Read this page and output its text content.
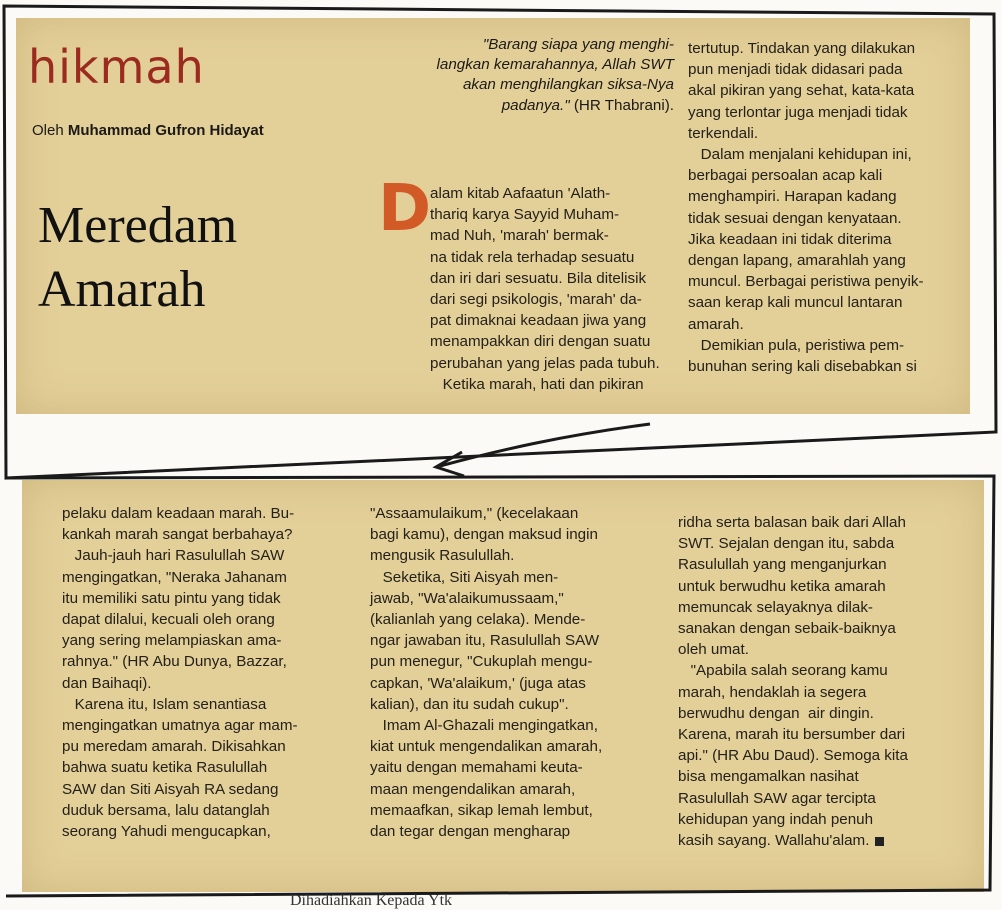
hikmah
Oleh Muhammad Gufron Hidayat
Meredam
Amarah
"Barang siapa yang menghi-
langkan kemarahannya, Allah SWT
akan menghilangkan siksa-Nya
padanya." (HR Thabrani).
D
alam kitab Aafaatun 'Alath-
thariq karya Sayyid Muham-
mad Nuh, 'marah' bermak-
na tidak rela terhadap sesuatu
dan iri dari sesuatu. Bila ditelisik
dari segi psikologis, 'marah' da-
pat dimaknai keadaan jiwa yang
menampakkan diri dengan suatu
perubahan yang jelas pada tubuh.
Ketika marah, hati dan pikiran
tertutup. Tindakan yang dilakukan
pun menjadi tidak didasari pada
akal pikiran yang sehat, kata-kata
yang terlontar juga menjadi tidak
terkendali.
Dalam menjalani kehidupan ini,
berbagai persoalan acap kali
menghampiri. Harapan kadang
tidak sesuai dengan kenyataan.
Jika keadaan ini tidak diterima
dengan lapang, amarahlah yang
muncul. Berbagai peristiwa penyik-
saan kerap kali muncul lantaran
amarah.
Demikian pula, peristiwa pem-
bunuhan sering kali disebabkan si
pelaku dalam keadaan marah. Bu-
kankah marah sangat berbahaya?
Jauh-jauh hari Rasulullah SAW
mengingatkan, "Neraka Jahanam
itu memiliki satu pintu yang tidak
dapat dilalui, kecuali oleh orang
yang sering melampiaskan ama-
rahnya." (HR Abu Dunya, Bazzar,
dan Baihaqi).
Karena itu, Islam senantiasa
mengingatkan umatnya agar mam-
pu meredam amarah. Dikisahkan
bahwa suatu ketika Rasulullah
SAW dan Siti Aisyah RA sedang
duduk bersama, lalu datanglah
seorang Yahudi mengucapkan,
"Assaamulaikum," (kecelakaan
bagi kamu), dengan maksud ingin
mengusik Rasulullah.
Seketika, Siti Aisyah men-
jawab, "Wa'alaikumussaam,"
(kalianlah yang celaka). Mende-
ngar jawaban itu, Rasulullah SAW
pun menegur, "Cukuplah mengu-
capkan, 'Wa'alaikum,' (juga atas
kalian), dan itu sudah cukup".
Imam Al-Ghazali mengingatkan,
kiat untuk mengendalikan amarah,
yaitu dengan memahami keuta-
maan mengendalikan amarah,
memaafkan, sikap lemah lembut,
dan tegar dengan mengharap
ridha serta balasan baik dari Allah
SWT. Sejalan dengan itu, sabda
Rasulullah yang menganjurkan
untuk berwudhu ketika amarah
memuncak selayaknya dilak-
sanakan dengan sebaik-baiknya
oleh umat.
"Apabila salah seorang kamu
marah, hendaklah ia segera
berwudhu dengan  air dingin.
Karena, marah itu bersumber dari
api." (HR Abu Daud). Semoga kita
bisa mengamalkan nasihat
Rasulullah SAW agar tercipta
kehidupan yang indah penuh
kasih sayang. Wallahu'alam.
Dihadiahkan Kepada Ytk
